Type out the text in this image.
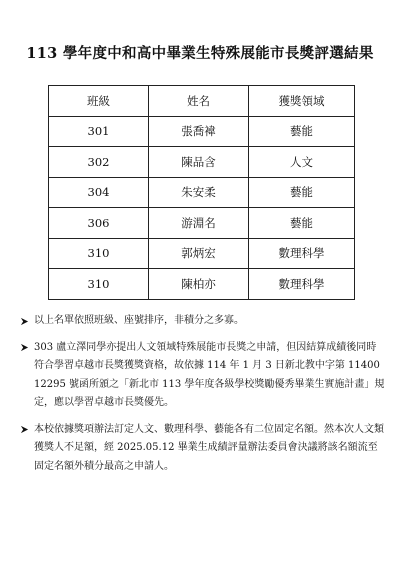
113 學年度中和高中畢業生特殊展能市長獎評選結果
班級	姓名	獲獎領域
301	張喬褘	藝能
302	陳品含	人文
304	朱安柔	藝能
306	游淵名	藝能
310	郭炳宏	數理科學
310	陳柏亦	數理科學
以上名單依照班級、座號排序，非積分之多寡。
303 盧立澤同學亦提出人文領域特殊展能市長獎之申請，但因結算成績後同時符合學習卓越市長獎獲獎資格，故依據 114 年 1 月 3 日新北教中字第 1140012295 號函所頒之「新北市 113 學年度各級學校獎勵優秀畢業生實施計畫」規定，應以學習卓越市長獎優先。
本校依據獎項辦法訂定人文、數理科學、藝能各有二位固定名額。然本次人文類獲獎人不足額，經 2025.05.12 畢業生成績評量辦法委員會決議將該名額流至固定名額外積分最高之申請人。
